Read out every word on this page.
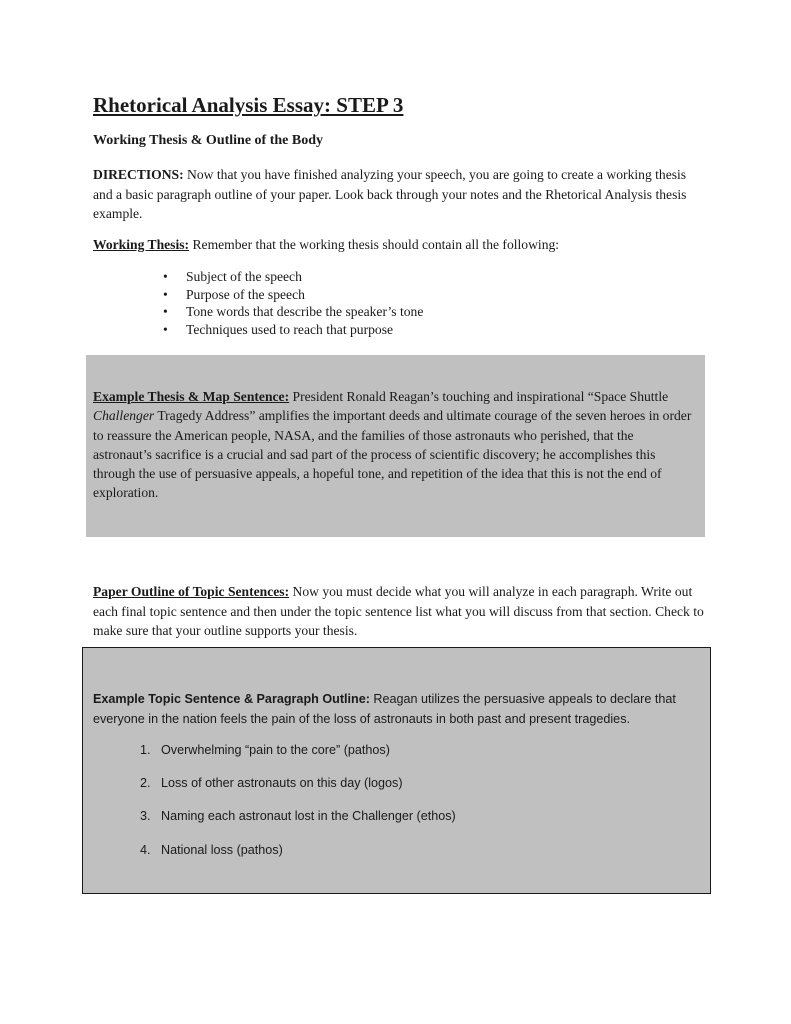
Rhetorical Analysis Essay: STEP 3
Working Thesis & Outline of the Body

DIRECTIONS: Now that you have finished analyzing your speech, you are going to create a working thesis and a basic paragraph outline of your paper. Look back through your notes and the Rhetorical Analysis thesis example.

Working Thesis: Remember that the working thesis should contain all the following:

• Subject of the speech
• Purpose of the speech
• Tone words that describe the speaker’s tone
• Techniques used to reach that purpose

Example Thesis & Map Sentence: President Ronald Reagan’s touching and inspirational “Space Shuttle Challenger Tragedy Address” amplifies the important deeds and ultimate courage of the seven heroes in order to reassure the American people, NASA, and the families of those astronauts who perished, that the astronaut’s sacrifice is a crucial and sad part of the process of scientific discovery; he accomplishes this through the use of persuasive appeals, a hopeful tone, and repetition of the idea that this is not the end of exploration.

Paper Outline of Topic Sentences: Now you must decide what you will analyze in each paragraph. Write out each final topic sentence and then under the topic sentence list what you will discuss from that section. Check to make sure that your outline supports your thesis.

Example Topic Sentence & Paragraph Outline: Reagan utilizes the persuasive appeals to declare that everyone in the nation feels the pain of the loss of astronauts in both past and present tragedies.

1. Overwhelming “pain to the core” (pathos)
2. Loss of other astronauts on this day (logos)
3. Naming each astronaut lost in the Challenger (ethos)
4. National loss (pathos)
